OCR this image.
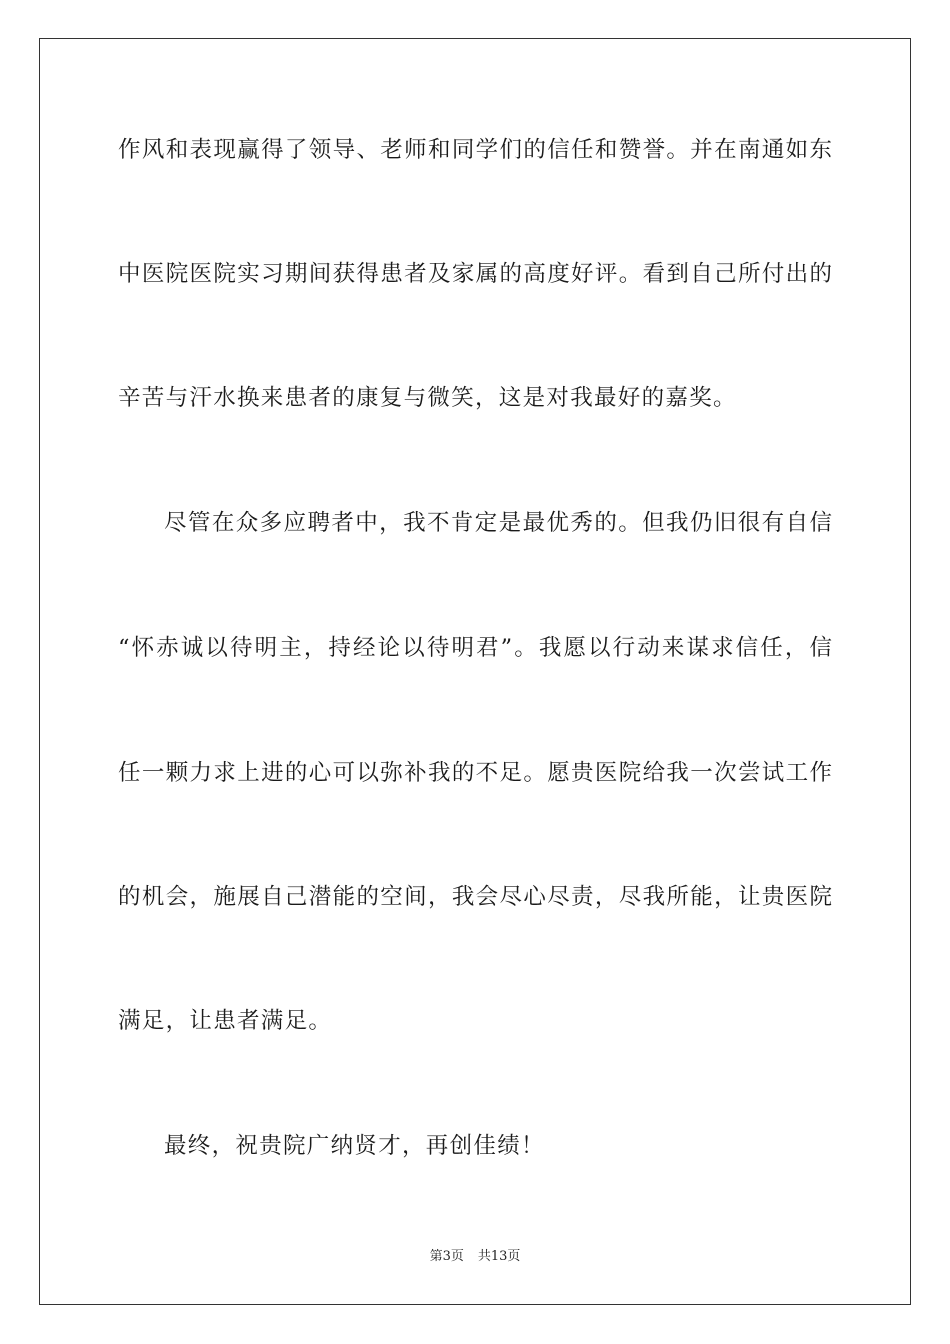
作风和表现赢得了领导、老师和同学们的信任和赞誉。并在南通如东
中医院医院实习期间获得患者及家属的高度好评。看到自己所付出的
辛苦与汗水换来患者的康复与微笑，这是对我最好的嘉奖。
尽管在众多应聘者中，我不肯定是最优秀的。但我仍旧很有自信
“怀赤诚以待明主，持经论以待明君”。我愿以行动来谋求信任，信
任一颗力求上进的心可以弥补我的不足。愿贵医院给我一次尝试工作
的机会，施展自己潜能的空间，我会尽心尽责，尽我所能，让贵医院
满足，让患者满足。
最终，祝贵院广纳贤才，再创佳绩！
第3页 共13页
